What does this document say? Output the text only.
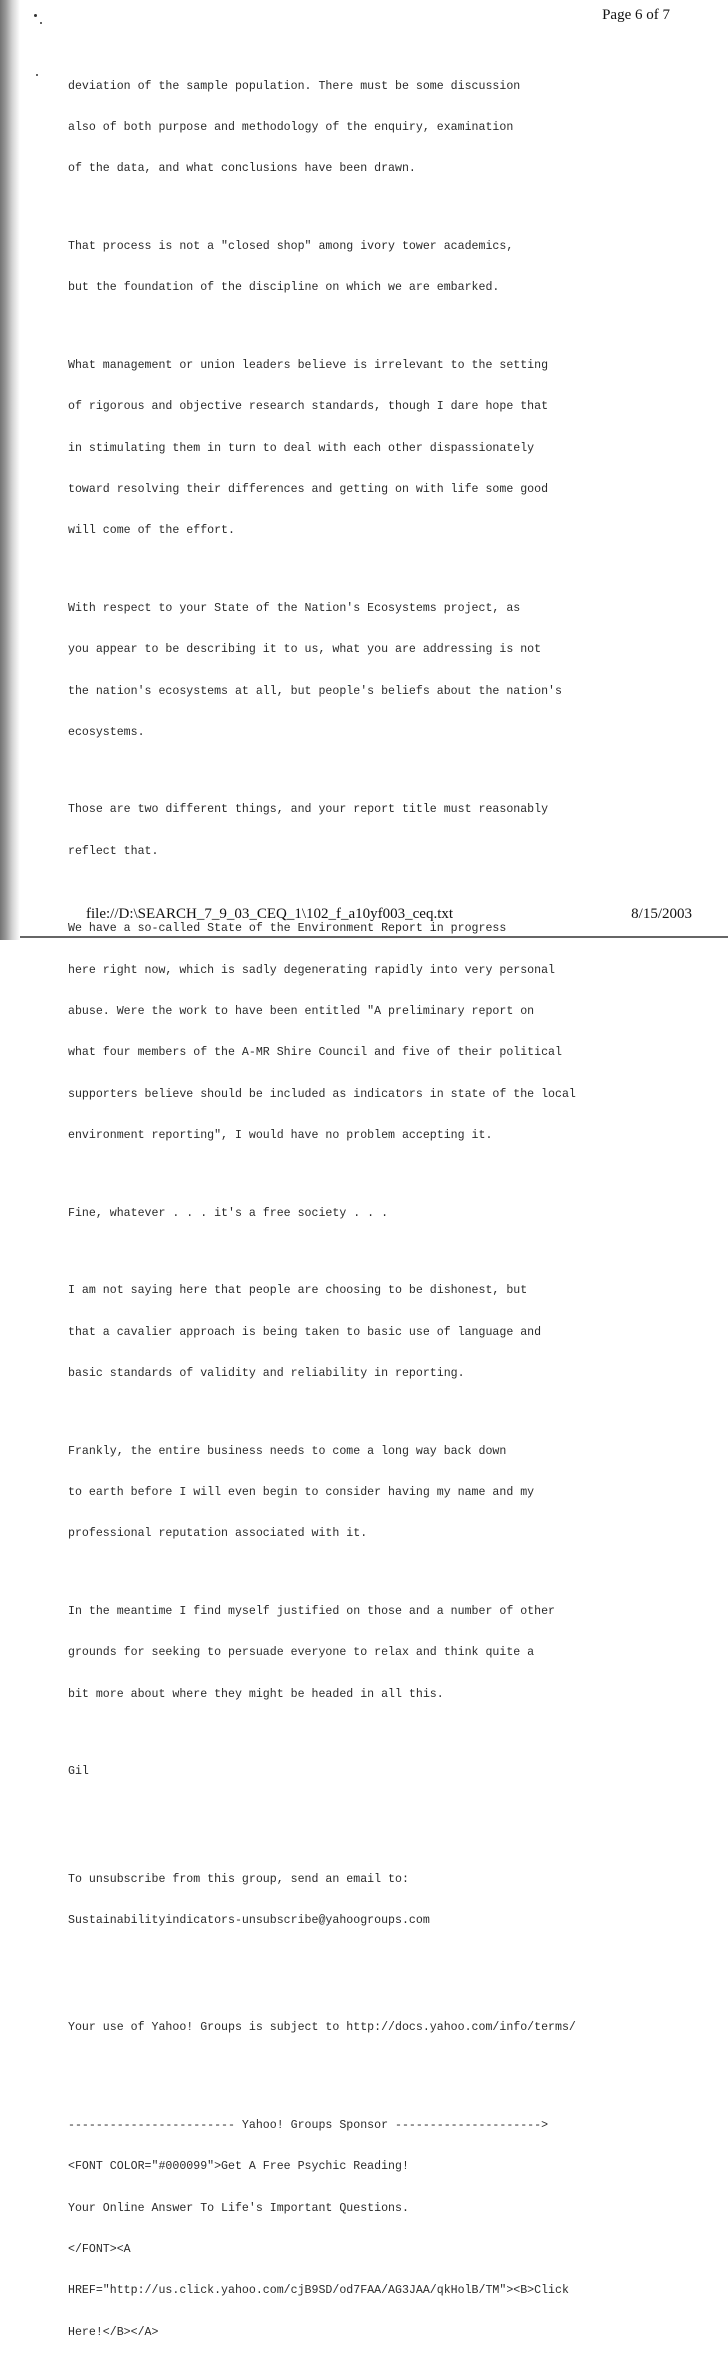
Page 6 of 7

deviation of the sample population. There must be some discussion

also of both purpose and methodology of the enquiry, examination

of the data, and what conclusions have been drawn.

That process is not a "closed shop" among ivory tower academics,

but the foundation of the discipline on which we are embarked.

What management or union leaders believe is irrelevant to the setting

of rigorous and objective research standards, though I dare hope that

in stimulating them in turn to deal with each other dispassionately

toward resolving their differences and getting on with life some good

will come of the effort.

With respect to your State of the Nation's Ecosystems project, as

you appear to be describing it to us, what you are addressing is not

the nation's ecosystems at all, but people's beliefs about the nation's

ecosystems.

Those are two different things, and your report title must reasonably

reflect that.

We have a so-called State of the Environment Report in progress

here right now, which is sadly degenerating rapidly into very personal

abuse. Were the work to have been entitled "A preliminary report on

what four members of the A-MR Shire Council and five of their political

supporters believe should be included as indicators in state of the local

environment reporting", I would have no problem accepting it.

Fine, whatever . . . it's a free society . . .

I am not saying here that people are choosing to be dishonest, but

that a cavalier approach is being taken to basic use of language and

basic standards of validity and reliability in reporting.

Frankly, the entire business needs to come a long way back down

to earth before I will even begin to consider having my name and my

professional reputation associated with it.

In the meantime I find myself justified on those and a number of other

grounds for seeking to persuade everyone to relax and think quite a

bit more about where they might be headed in all this.

Gil

To unsubscribe from this group, send an email to:

Sustainabilityindicators-unsubscribe@yahoogroups.com

Your use of Yahoo! Groups is subject to http://docs.yahoo.com/info/terms/

------------------------ Yahoo! Groups Sponsor --------------------->

<FONT COLOR="#000099">Get A Free Psychic Reading!

Your Online Answer To Life's Important Questions.

</FONT><A

HREF="http://us.click.yahoo.com/cjB9SD/od7FAA/AG3JAA/qkHolB/TM"><B>Click

Here!</B></A>

file://D:\SEARCH_7_9_03_CEQ_1\102_f_a10yf003_ceq.txt	8/15/2003
